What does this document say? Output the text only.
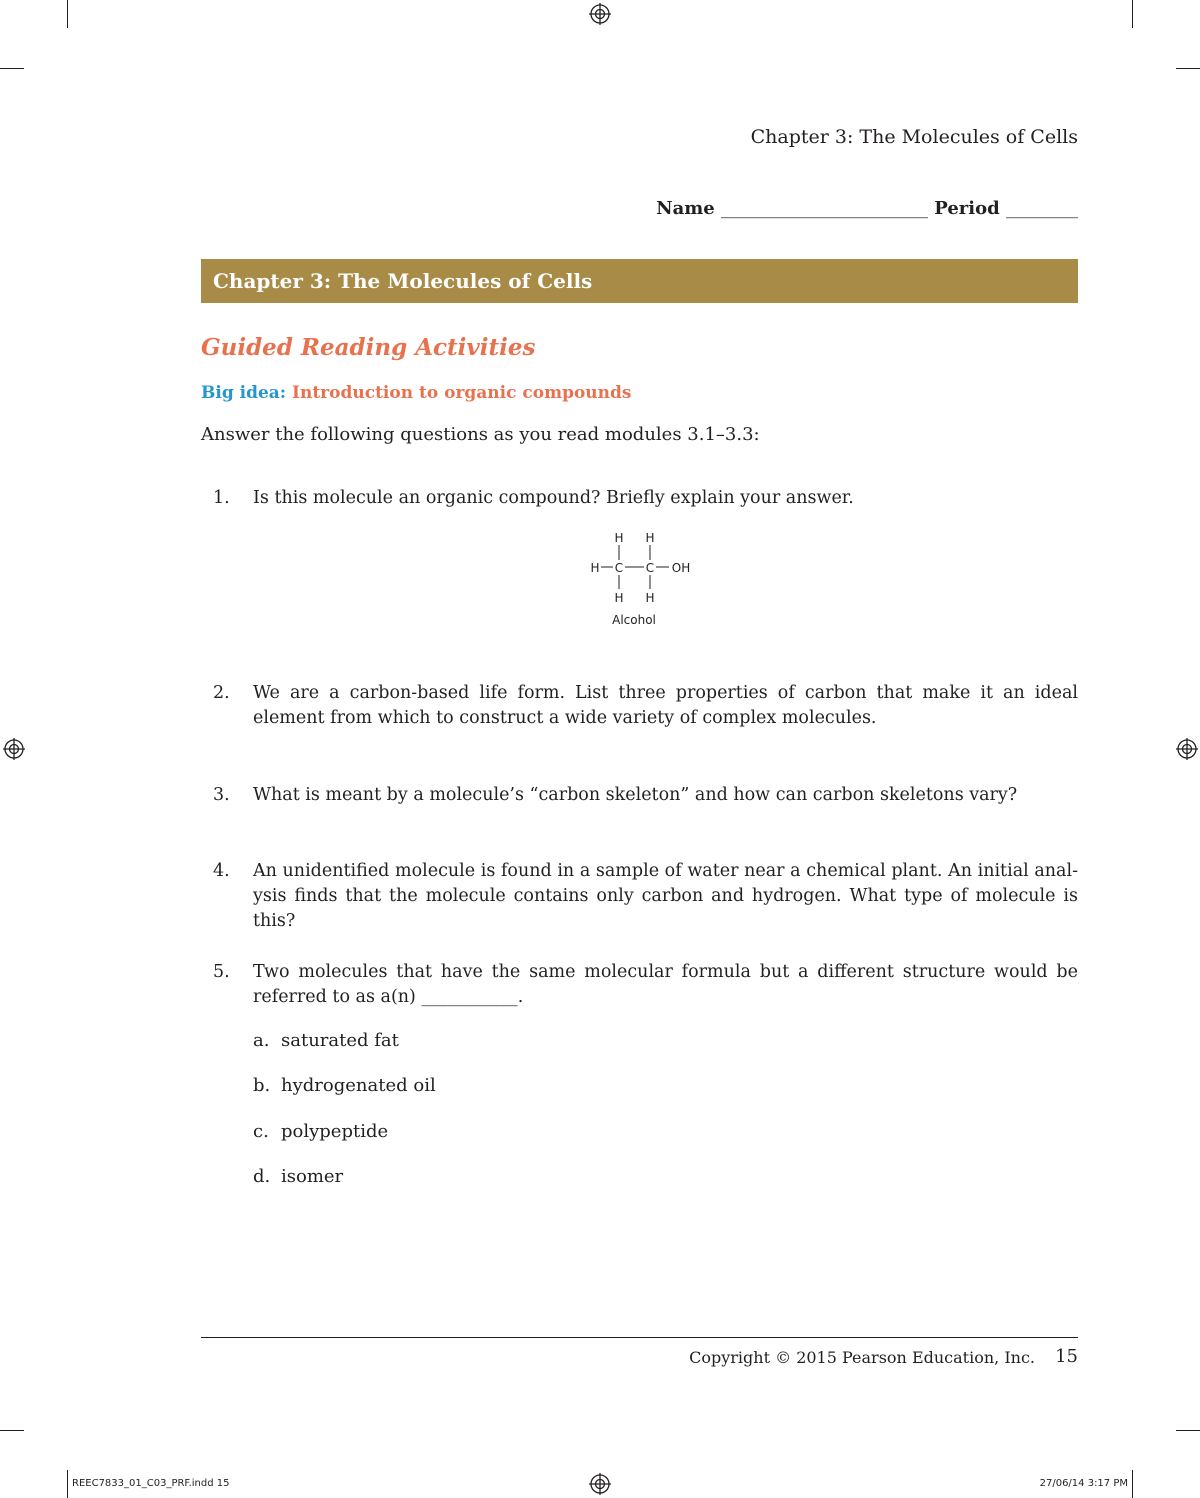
Chapter 3: The Molecules of Cells
Name _______________________ Period ________
Chapter 3: The Molecules of Cells
Guided Reading Activities
Big idea: Introduction to organic compounds
Answer the following questions as you read modules 3.1–3.3:
1. Is this molecule an organic compound? Briefly explain your answer.
H H
H C C OH
H H
Alcohol
2. We are a carbon-based life form. List three properties of carbon that make it an ideal element from which to construct a wide variety of complex molecules.
3. What is meant by a molecule’s “carbon skeleton” and how can carbon skeletons vary?
4. An unidentified molecule is found in a sample of water near a chemical plant. An initial anal-ysis finds that the molecule contains only carbon and hydrogen. What type of molecule is this?
5. Two molecules that have the same molecular formula but a different structure would be referred to as a(n) ___________.
a. saturated fat
b. hydrogenated oil
c. polypeptide
d. isomer
Copyright © 2015 Pearson Education, Inc.	15
REEC7833_01_C03_PRF.indd 15	27/06/14 3:17 PM
